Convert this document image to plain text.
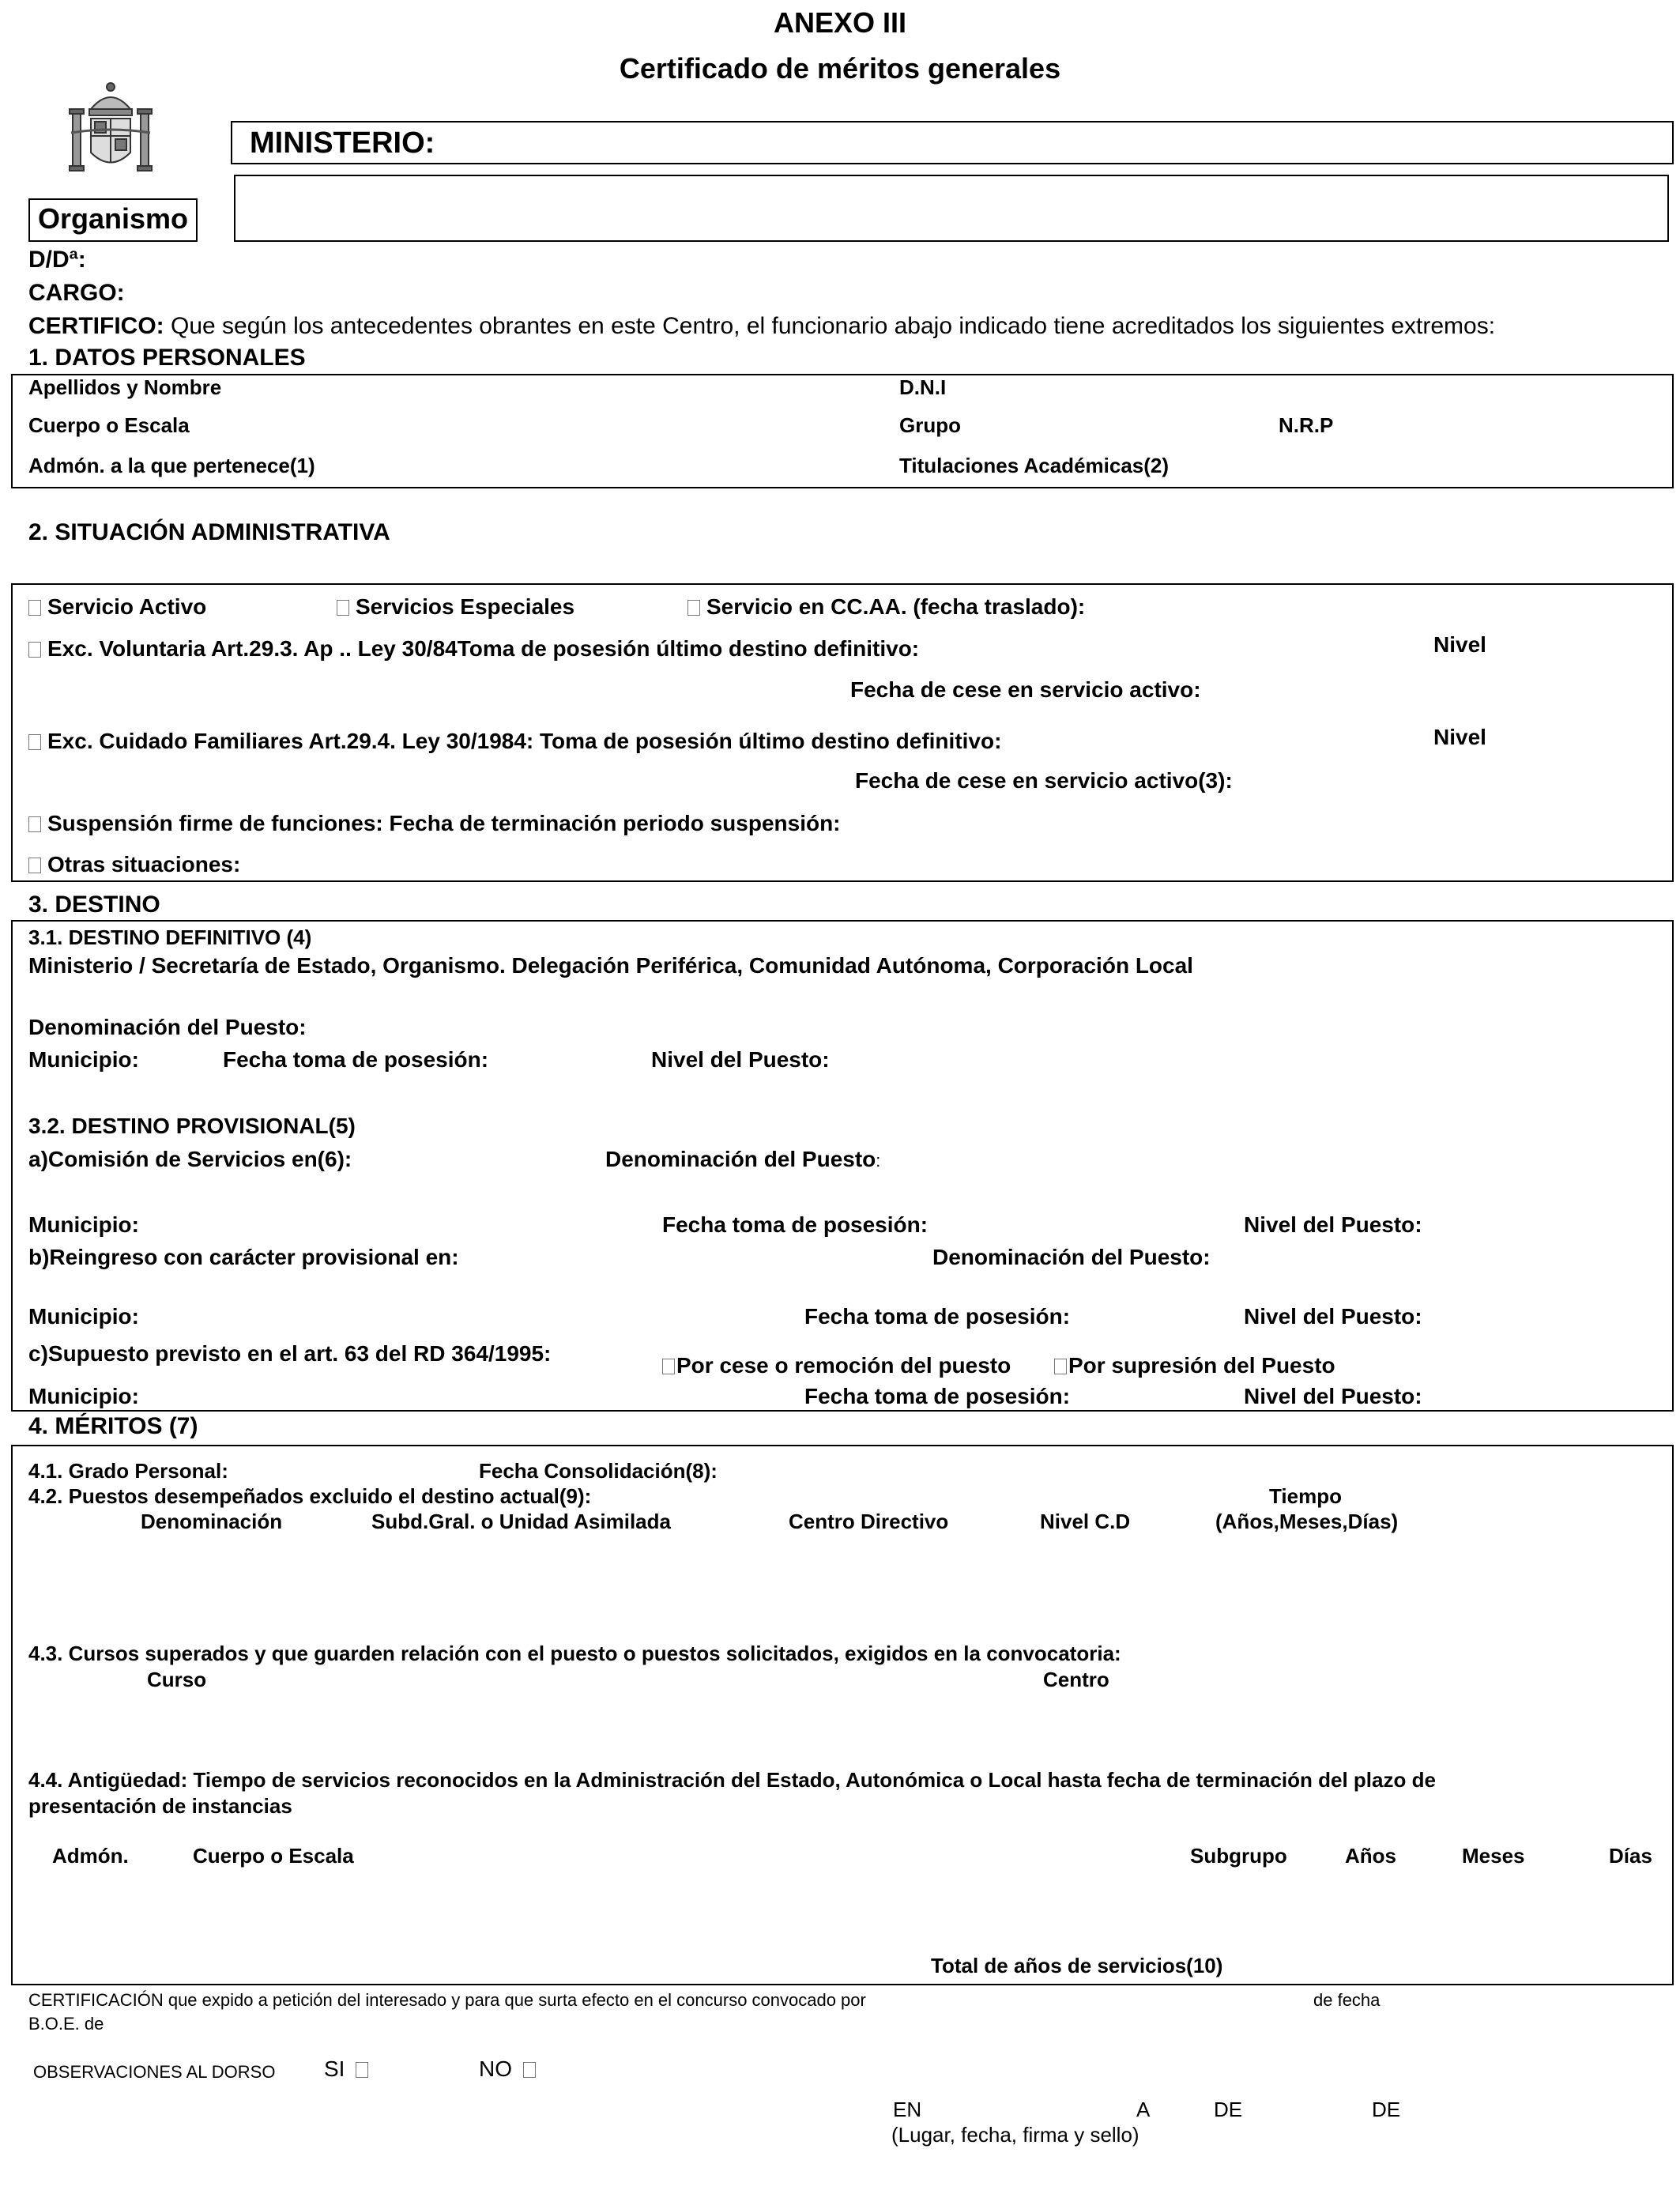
ANEXO III
Certificado de méritos generales
MINISTERIO:
Organismo
D/Dª:
CARGO:
CERTIFICO: Que según los antecedentes obrantes en este Centro, el funcionario abajo indicado tiene acreditados los siguientes extremos:
1. DATOS PERSONALES
Apellidos y Nombre	D.N.I
Cuerpo o Escala	Grupo	N.R.P
Admón. a la que pertenece(1)	Titulaciones Académicas(2)
2. SITUACIÓN ADMINISTRATIVA
Servicio Activo	Servicios Especiales	Servicio en CC.AA. (fecha traslado):
Exc. Voluntaria Art.29.3. Ap .. Ley 30/84Toma de posesión último destino definitivo:	Nivel
Fecha de cese en servicio activo:
Exc. Cuidado Familiares Art.29.4. Ley 30/1984: Toma de posesión último destino definitivo:	Nivel
Fecha de cese en servicio activo(3):
Suspensión firme de funciones: Fecha de terminación periodo suspensión:
Otras situaciones:
3. DESTINO
3.1. DESTINO DEFINITIVO (4)
Ministerio / Secretaría de Estado, Organismo. Delegación Periférica, Comunidad Autónoma, Corporación Local
Denominación del Puesto:
Municipio:	Fecha toma de posesión:	Nivel del Puesto:
3.2. DESTINO PROVISIONAL(5)
a)Comisión de Servicios en(6):	Denominación del Puesto:
Municipio:	Fecha toma de posesión:	Nivel del Puesto:
b)Reingreso con carácter provisional en:	Denominación del Puesto:
Municipio:	Fecha toma de posesión:	Nivel del Puesto:
c)Supuesto previsto en el art. 63 del RD 364/1995:	Por cese o remoción del puesto	Por supresión del Puesto
Municipio:	Fecha toma de posesión:	Nivel del Puesto:
4. MÉRITOS (7)
4.1. Grado Personal:	Fecha Consolidación(8):
4.2. Puestos desempeñados excluido el destino actual(9):	Tiempo
Denominación	Subd.Gral. o Unidad Asimilada	Centro Directivo	Nivel C.D	(Años,Meses,Días)
4.3. Cursos superados y que guarden relación con el puesto o puestos solicitados, exigidos en la convocatoria:
Curso	Centro
4.4. Antigüedad: Tiempo de servicios reconocidos en la Administración del Estado, Autonómica o Local hasta fecha de terminación del plazo de
presentación de instancias
Admón.	Cuerpo o Escala	Subgrupo	Años	Meses	Días
Total de años de servicios(10)
CERTIFICACIÓN que expido a petición del interesado y para que surta efecto en el concurso convocado por	de fecha
B.O.E. de
OBSERVACIONES AL DORSO SI	NO
EN	A	DE	DE
(Lugar, fecha, firma y sello)
